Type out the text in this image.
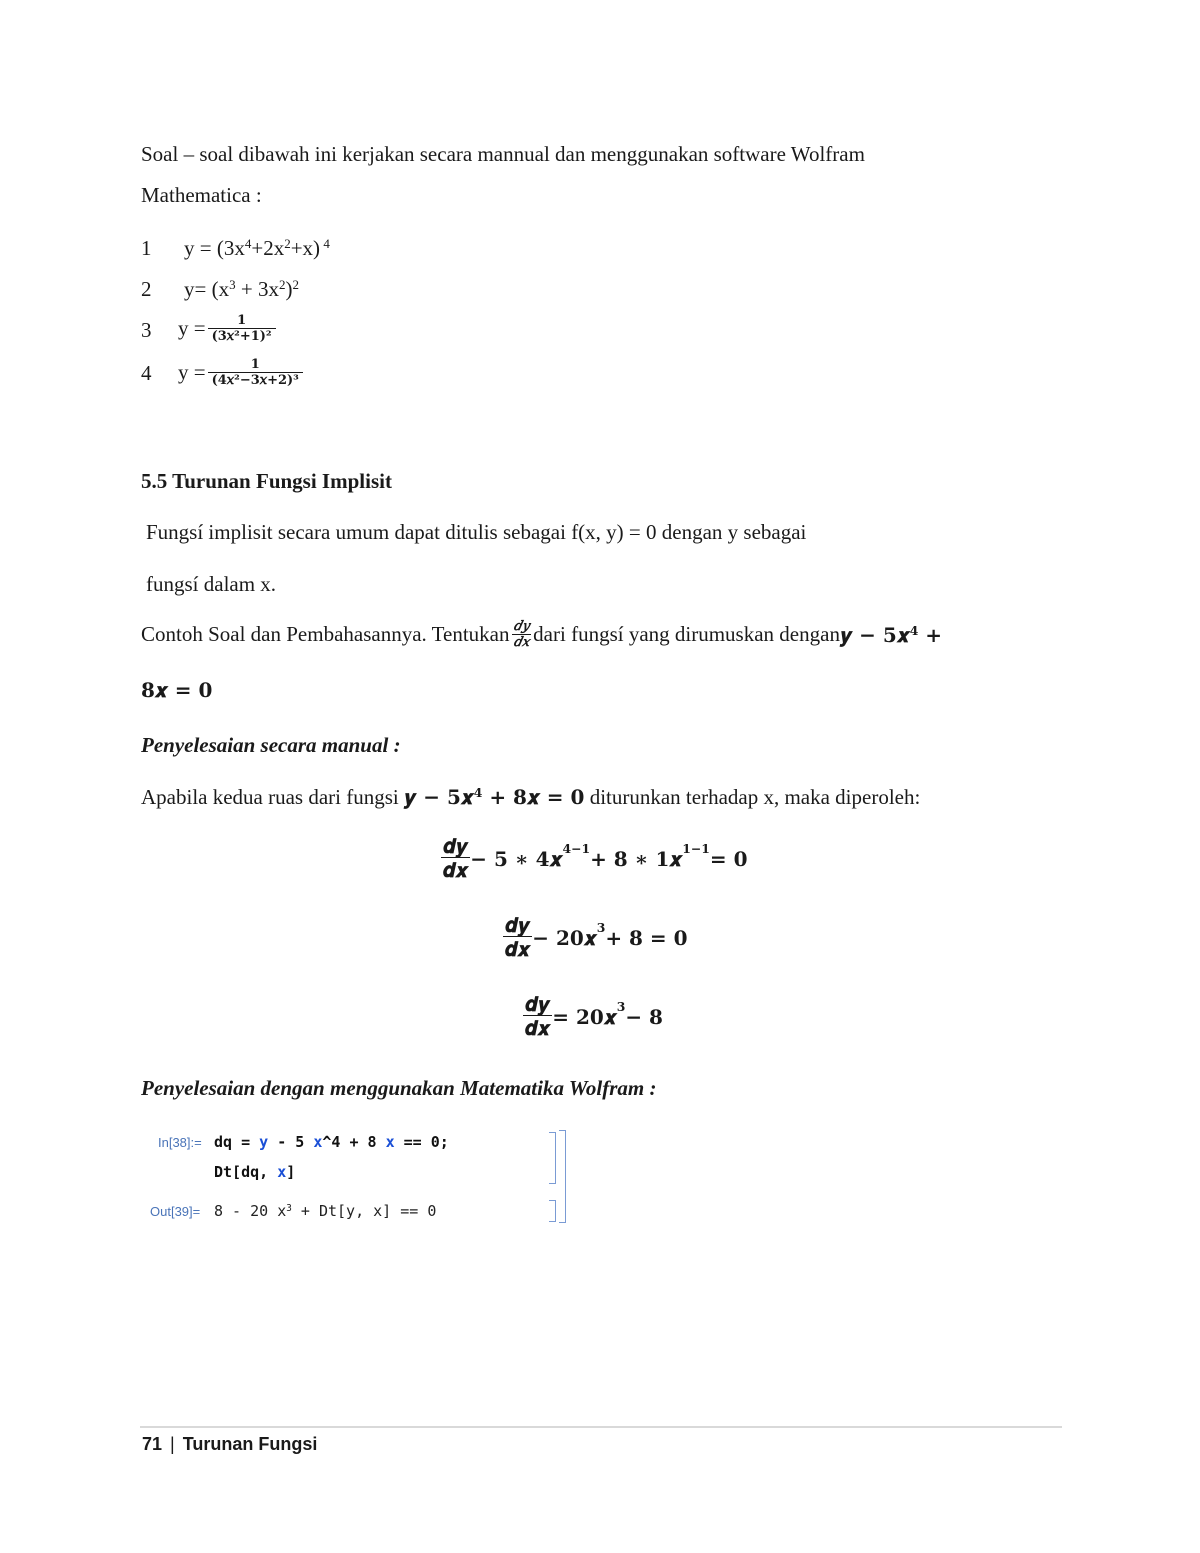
Soal – soal dibawah ini kerjakan secara mannual dan menggunakan software Wolfram
Mathematica :
1 $y = (3x^4+2x^2+x)$ $^4$
2 $y= (x^3 + 3x^2)^2$
3 $y = \frac{1}{\text{(3𝑥²+1)²}}$
4 $y = \frac{1}{\text{(4𝑥²−3𝑥+2)³}}$
5.5 Turunan Fungsi Implisit
Fungsí implisit secara umum dapat ditulis sebagai f(x, y) = 0 dengan y sebagai
fungsí dalam x.
Contoh Soal dan Pembahasannya. Tentukan $\frac{\text{𝑑𝑦}}{\text{𝑑𝑥}}$ dari fungsí yang dirumuskan dengan 𝒚 − 𝟓𝒙$^𝟒$ +
𝟖𝒙 = 𝟎
Penyelesaian secara manual :
Apabila kedua ruas dari fungsi 𝒚 − 𝟓𝒙$^𝟒$ + 𝟖𝒙 = 𝟎 diturunkan terhadap x, maka diperoleh:
$\frac{\text{𝒅𝒚}}{\text{𝒅𝒙}}$ − 𝟓 ∗ 𝟒𝒙$^{𝟒-𝟏}$ + 𝟖 ∗ 𝟏𝒙$^{𝟏-𝟏}$ = 𝟎
$\frac{\text{𝒅𝒚}}{\text{𝒅𝒙}}$ − 𝟐𝟎𝒙$^𝟑$ + 𝟖 = 𝟎
$\frac{\text{𝒅𝒚}}{\text{𝒅𝒙}}$ = 𝟐𝟎𝒙$^𝟑$ − 𝟖
Penyelesaian dengan menggunakan Matematika Wolfram :
In[38]:= dq = y - 5 x^4 + 8 x == 0;
Dt[dq, x]
Out[39]= 8 - 20 $x^3 + Dt[y$, x] == 0
71 | Turunan Fungsi
